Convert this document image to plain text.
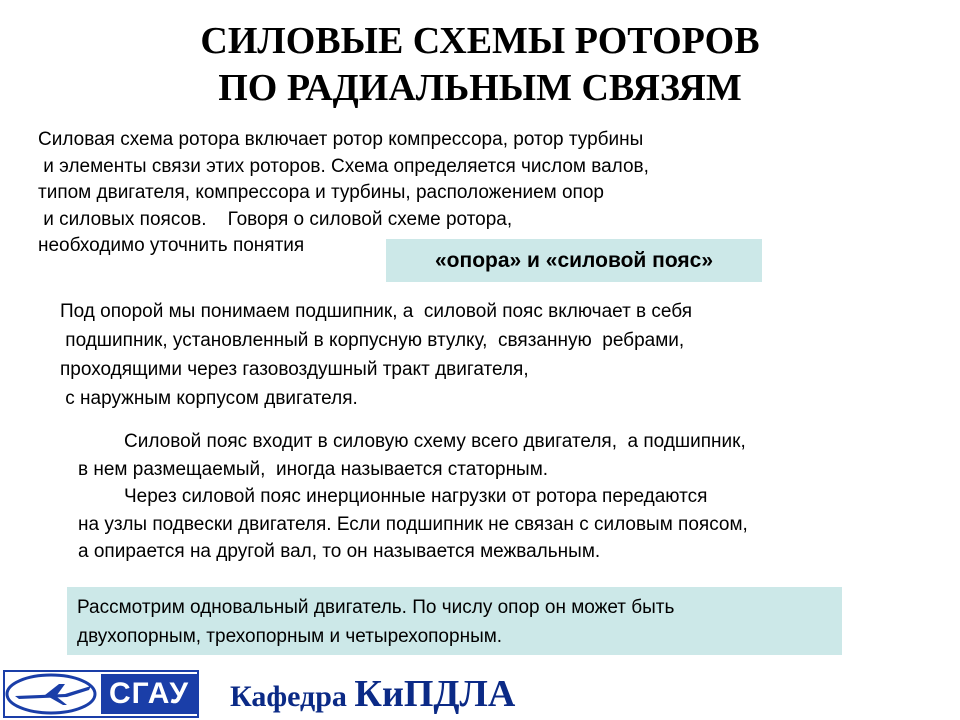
СИЛОВЫЕ СХЕМЫ РОТОРОВ
ПО РАДИАЛЬНЫМ СВЯЗЯМ
Силовая схема ротора включает ротор компрессора, ротор турбины
и элементы связи этих роторов. Схема определяется числом валов,
типом двигателя, компрессора и турбины, расположением опор
и силовых поясов.    Говоря о силовой схеме ротора,
необходимо уточнить понятия
«опора» и «силовой пояс»
Под опорой мы понимаем подшипник, а  силовой пояс включает в себя
подшипник, установленный в корпусную втулку,  связанную  ребрами,
проходящими через газовоздушный тракт двигателя,
с наружным корпусом двигателя.
Силовой пояс входит в силовую схему всего двигателя,  а подшипник,
в нем размещаемый,  иногда называется статорным.
Через силовой пояс инерционные нагрузки от ротора передаются
на узлы подвески двигателя. Если подшипник не связан с силовым поясом,
а опирается на другой вал, то он называется межвальным.
Рассмотрим одновальный двигатель. По числу опор он может быть
двухопорным, трехопорным и четырехопорным.
СГАУ Кафедра КиПДЛА
